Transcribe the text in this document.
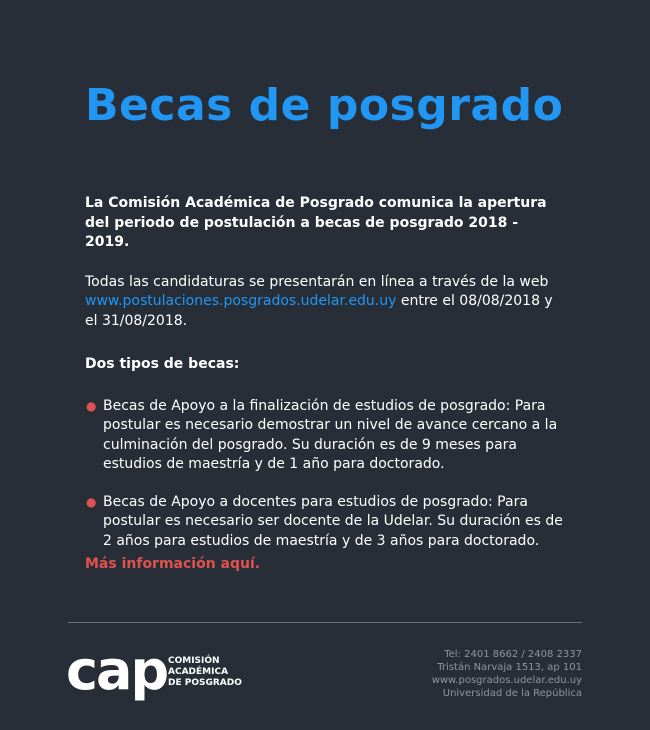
Becas de posgrado

La Comisión Académica de Posgrado comunica la apertura del periodo de postulación a becas de posgrado 2018 - 2019.

Todas las candidaturas se presentarán en línea a través de la web www.postulaciones.posgrados.udelar.edu.uy entre el 08/08/2018 y el 31/08/2018.

Dos tipos de becas:

● Becas de Apoyo a la finalización de estudios de posgrado: Para postular es necesario demostrar un nivel de avance cercano a la culminación del posgrado. Su duración es de 9 meses para estudios de maestría y de 1 año para doctorado.
● Becas de Apoyo a docentes para estudios de posgrado: Para postular es necesario ser docente de la Udelar. Su duración es de 2 años para estudios de maestría y de 3 años para doctorado.
Más información aquí.
cap COMISIÓN
ACADÉMICA
DE POSGRADO
Tel: 2401 8662 / 2408 2337
Tristán Narvaja 1513, ap 101
www.posgrados.udelar.edu.uy
Universidad de la República
